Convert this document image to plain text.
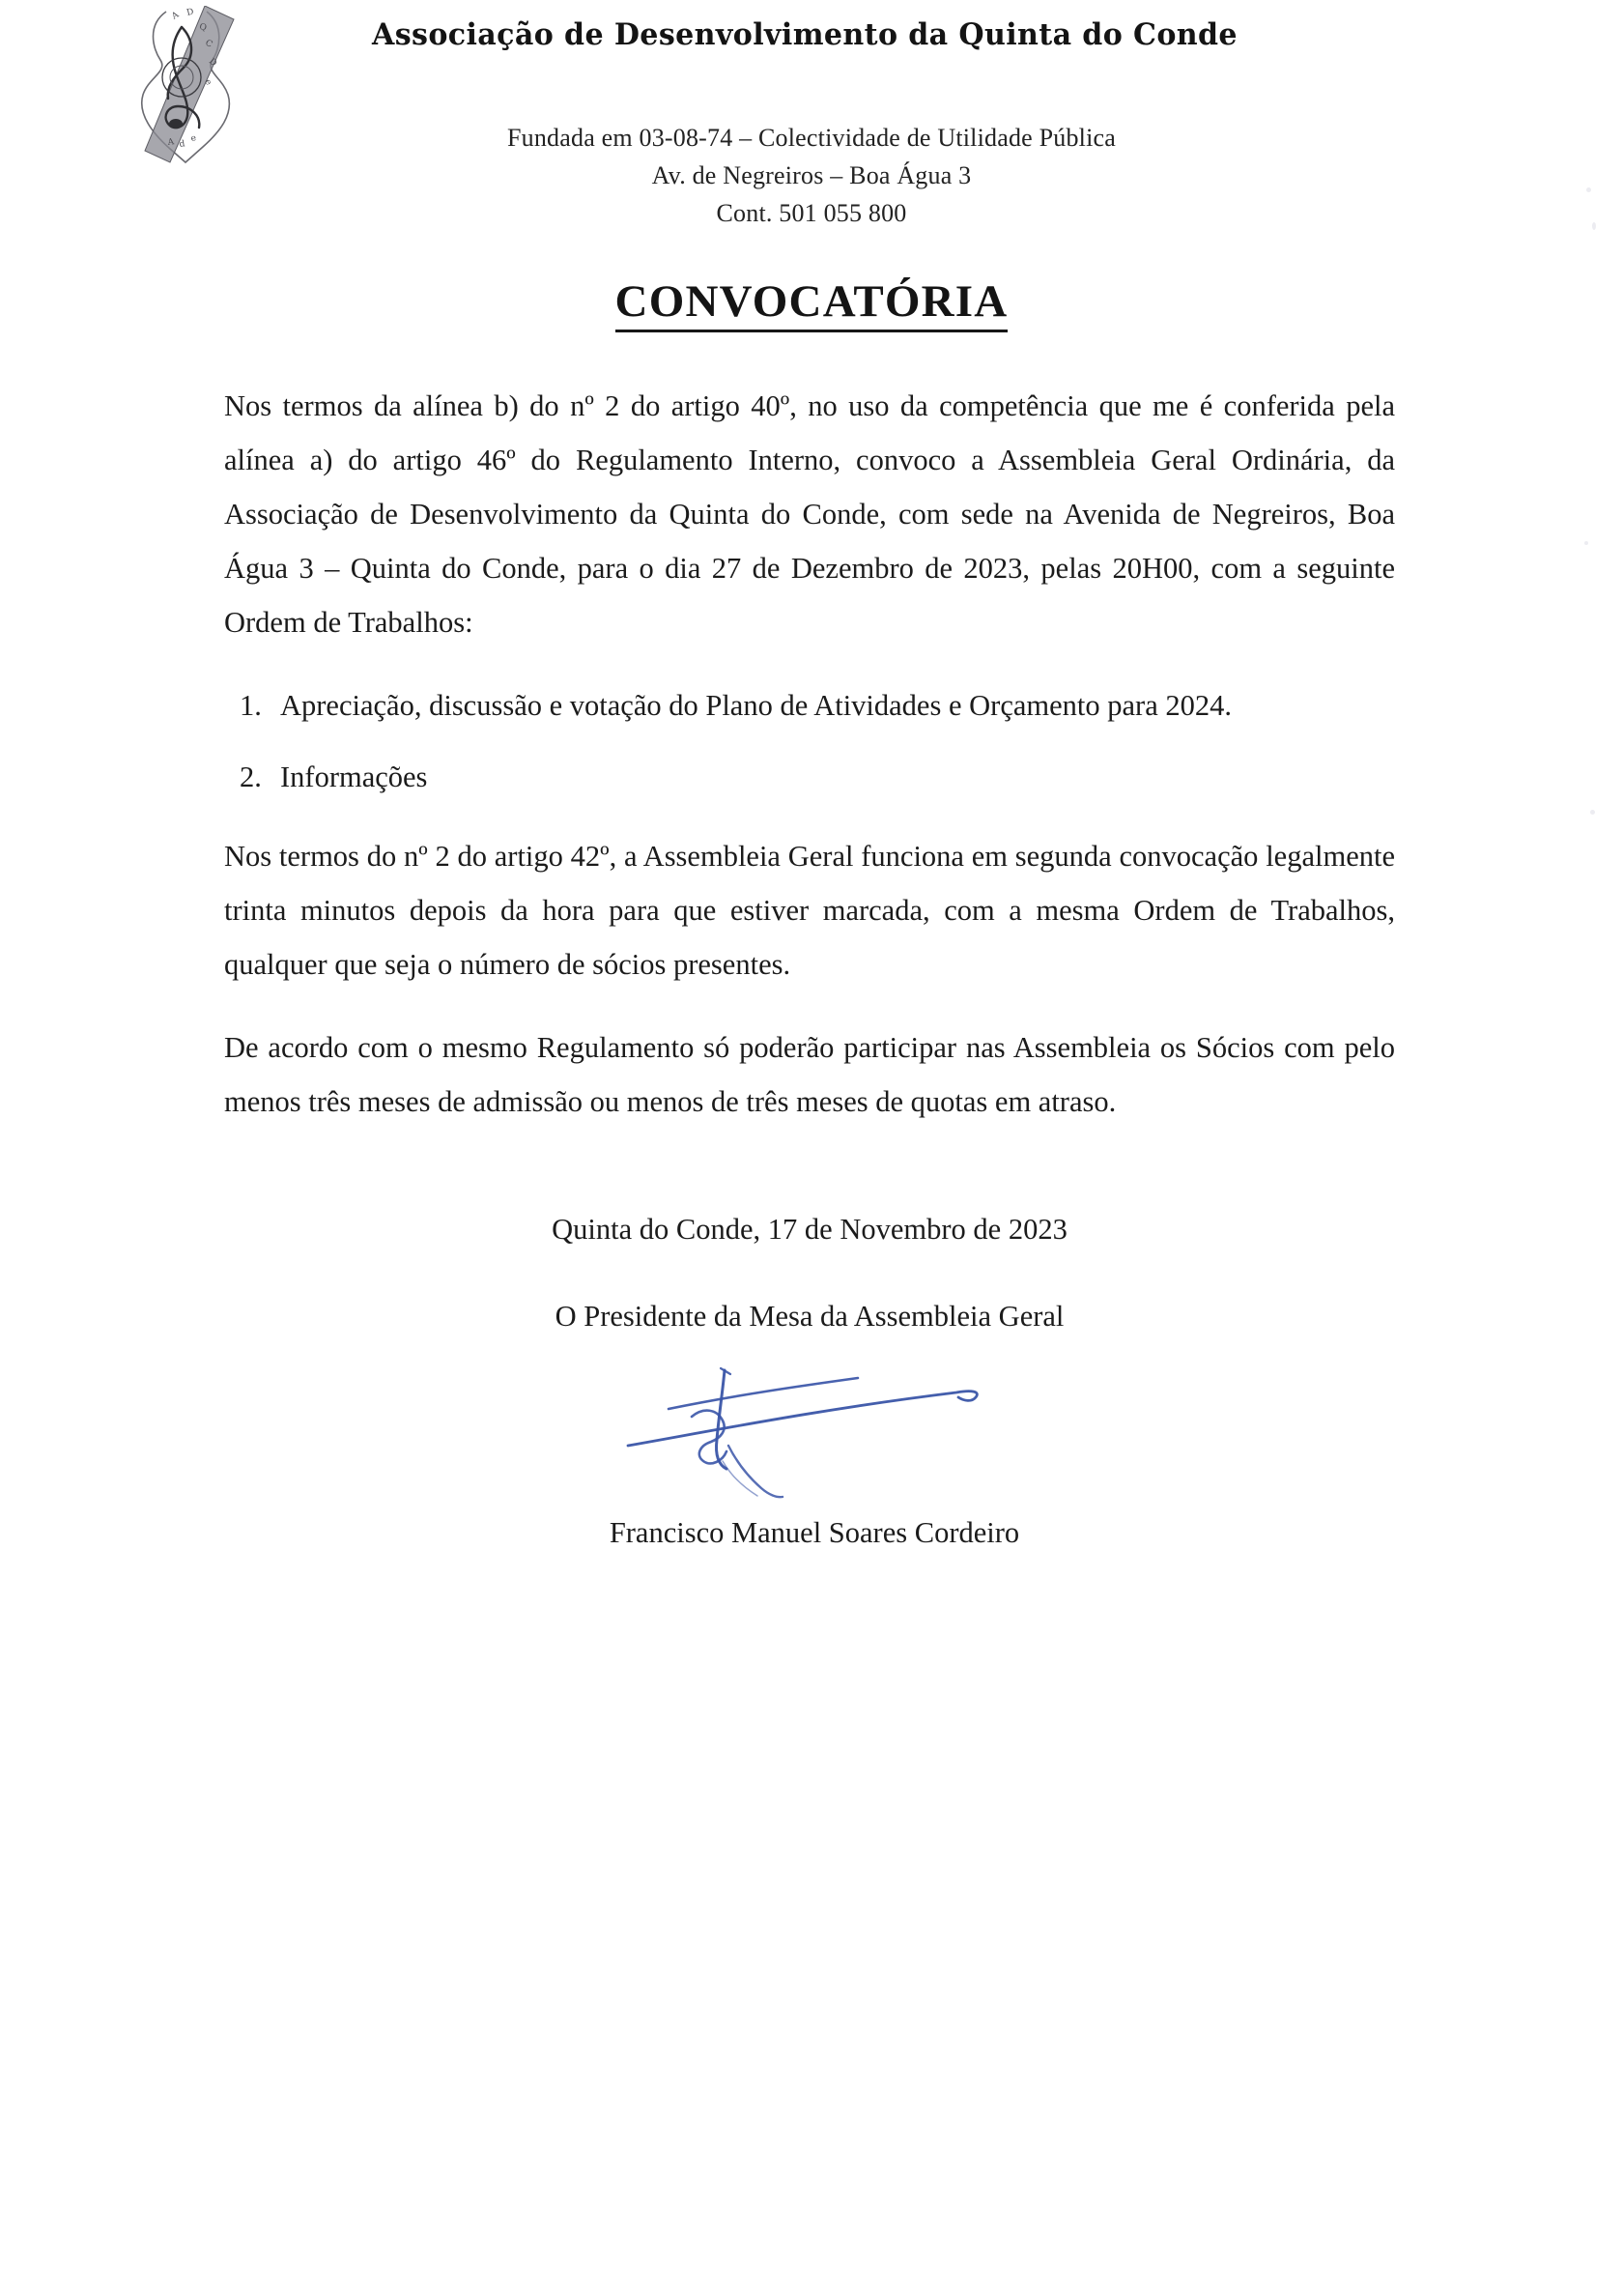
A D
Q
C
D
e
e
d
A
Associação de Desenvolvimento da Quinta do Conde
Fundada em 03-08-74 – Colectividade de Utilidade Pública
Av. de Negreiros – Boa Água 3
Cont. 501 055 800
CONVOCATÓRIA

Nos termos da alínea b) do nº 2 do artigo 40º, no uso da competência que me é conferida pela alínea a) do artigo 46º do Regulamento Interno, convoco a Assembleia Geral Ordinária, da Associação de Desenvolvimento da Quinta do Conde, com sede na Avenida de Negreiros, Boa Água 3 – Quinta do Conde, para o dia 27 de Dezembro de 2023, pelas 20H00, com a seguinte Ordem de Trabalhos:

Apreciação, discussão e votação do Plano de Atividades e Orçamento para 2024.
Informações

Nos termos do nº 2 do artigo 42º, a Assembleia Geral funciona em segunda convocação legalmente trinta minutos depois da hora para que estiver marcada, com a mesma Ordem de Trabalhos, qualquer que seja o número de sócios presentes.

De acordo com o mesmo Regulamento só poderão participar nas Assembleia os Sócios com pelo menos três meses de admissão ou menos de três meses de quotas em atraso.

Quinta do Conde, 17 de Novembro de 2023

O Presidente da Mesa da Assembleia Geral

Francisco Manuel Soares Cordeiro
